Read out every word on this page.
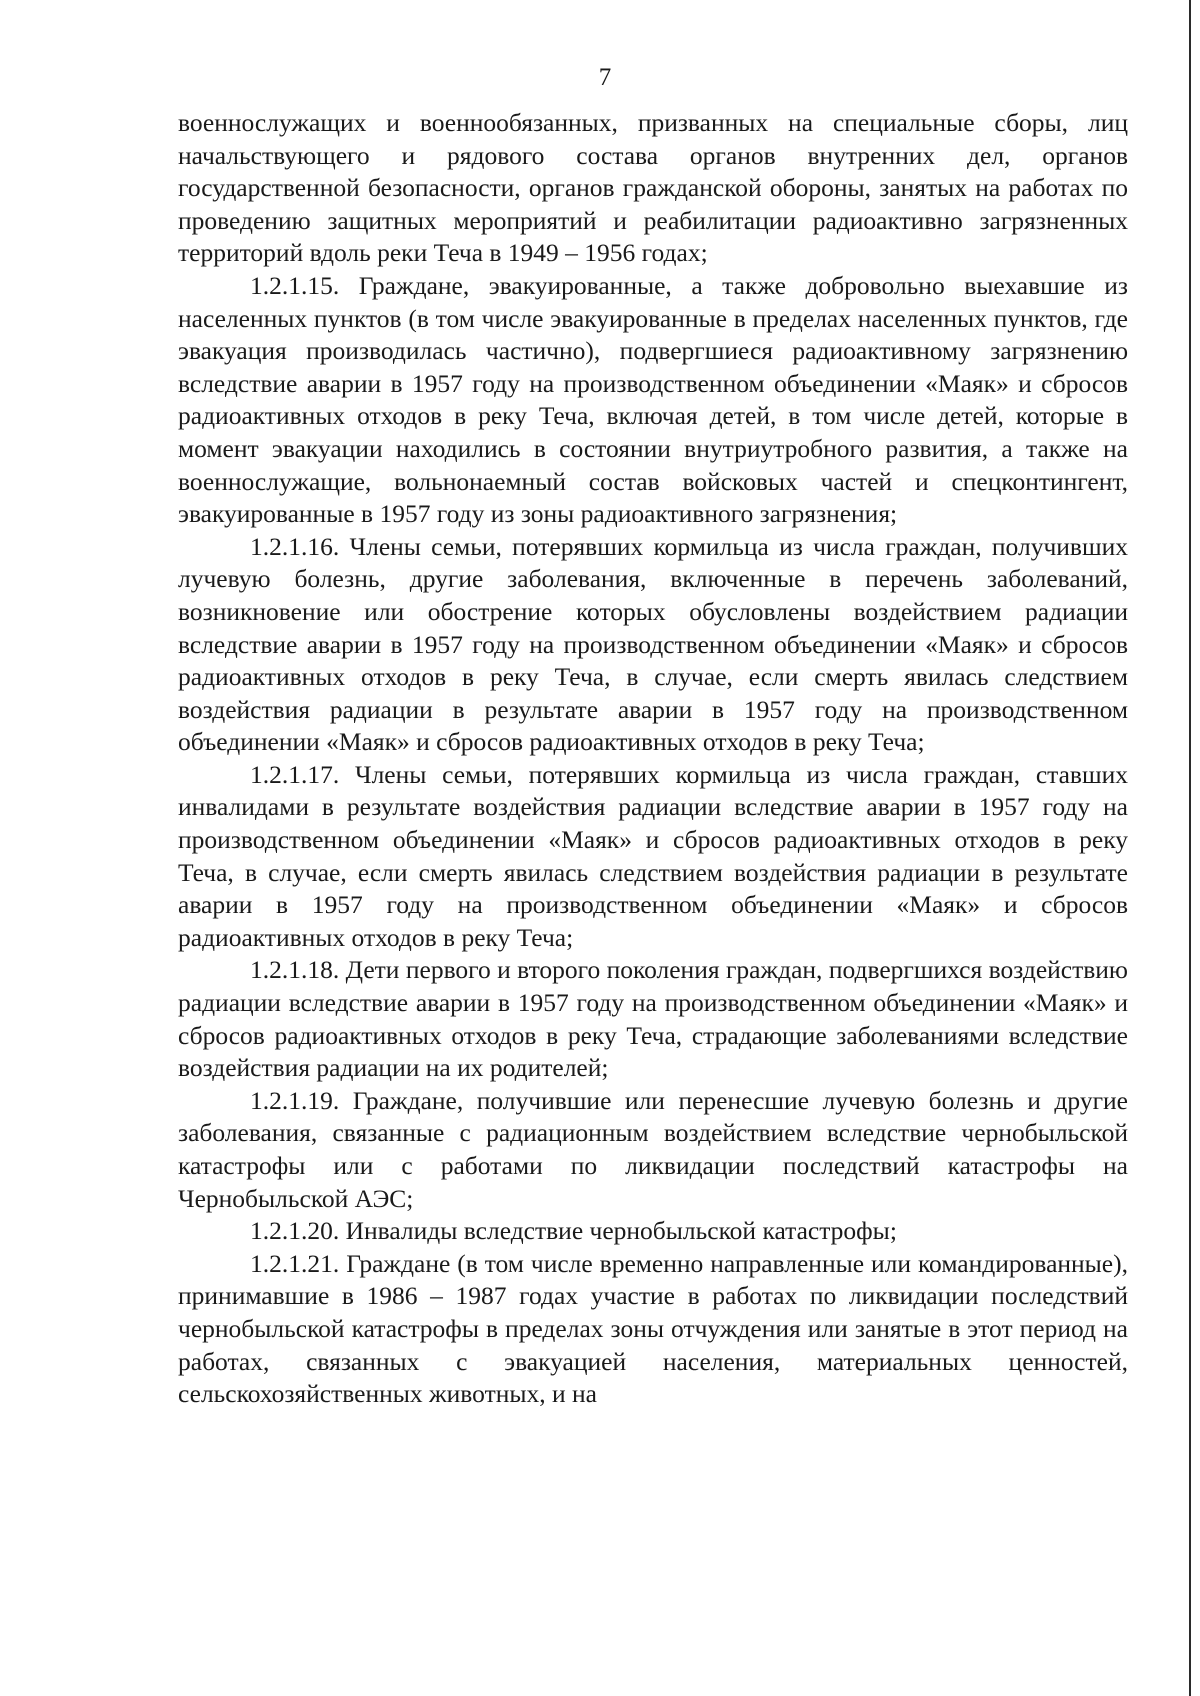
7

военнослужащих и военнообязанных, призванных на специальные сборы, лиц начальствующего и рядового состава органов внутренних дел, органов государственной безопасности, органов гражданской обороны, занятых на работах по проведению защитных мероприятий и реабилитации радиоактивно загрязненных территорий вдоль реки Теча в 1949 – 1956 годах;

1.2.1.15. Граждане, эвакуированные, а также добровольно выехавшие из населенных пунктов (в том числе эвакуированные в пределах населенных пунктов, где эвакуация производилась частично), подвергшиеся радиоактивному загрязнению вследствие аварии в 1957 году на производственном объединении «Маяк» и сбросов радиоактивных отходов в реку Теча, включая детей, в том числе детей, которые в момент эвакуации находились в состоянии внутриутробного развития, а также на военнослужащие, вольнонаемный состав войсковых частей и спецконтингент, эвакуированные в 1957 году из зоны радиоактивного загрязнения;

1.2.1.16. Члены семьи, потерявших кормильца из числа граждан, получивших лучевую болезнь, другие заболевания, включенные в перечень заболеваний, возникновение или обострение которых обусловлены воздействием радиации вследствие аварии в 1957 году на производственном объединении «Маяк» и сбросов радиоактивных отходов в реку Теча, в случае, если смерть явилась следствием воздействия радиации в результате аварии в 1957 году на производственном объединении «Маяк» и сбросов радиоактивных отходов в реку Теча;

1.2.1.17. Члены семьи, потерявших кормильца из числа граждан, ставших инвалидами в результате воздействия радиации вследствие аварии в 1957 году на производственном объединении «Маяк» и сбросов радиоактивных отходов в реку Теча, в случае, если смерть явилась следствием воздействия радиации в результате аварии в 1957 году на производственном объединении «Маяк» и сбросов радиоактивных отходов в реку Теча;

1.2.1.18. Дети первого и второго поколения граждан, подвергшихся воздействию радиации вследствие аварии в 1957 году на производственном объединении «Маяк» и сбросов радиоактивных отходов в реку Теча, страдающие заболеваниями вследствие воздействия радиации на их родителей;

1.2.1.19. Граждане, получившие или перенесшие лучевую болезнь и другие заболевания, связанные с радиационным воздействием вследствие чернобыльской катастрофы или с работами по ликвидации последствий катастрофы на Чернобыльской АЭС;

1.2.1.20. Инвалиды вследствие чернобыльской катастрофы;

1.2.1.21. Граждане (в том числе временно направленные или командированные), принимавшие в 1986 – 1987 годах участие в работах по ликвидации последствий чернобыльской катастрофы в пределах зоны отчуждения или занятые в этот период на работах, связанных с эвакуацией населения, материальных ценностей, сельскохозяйственных животных, и на
